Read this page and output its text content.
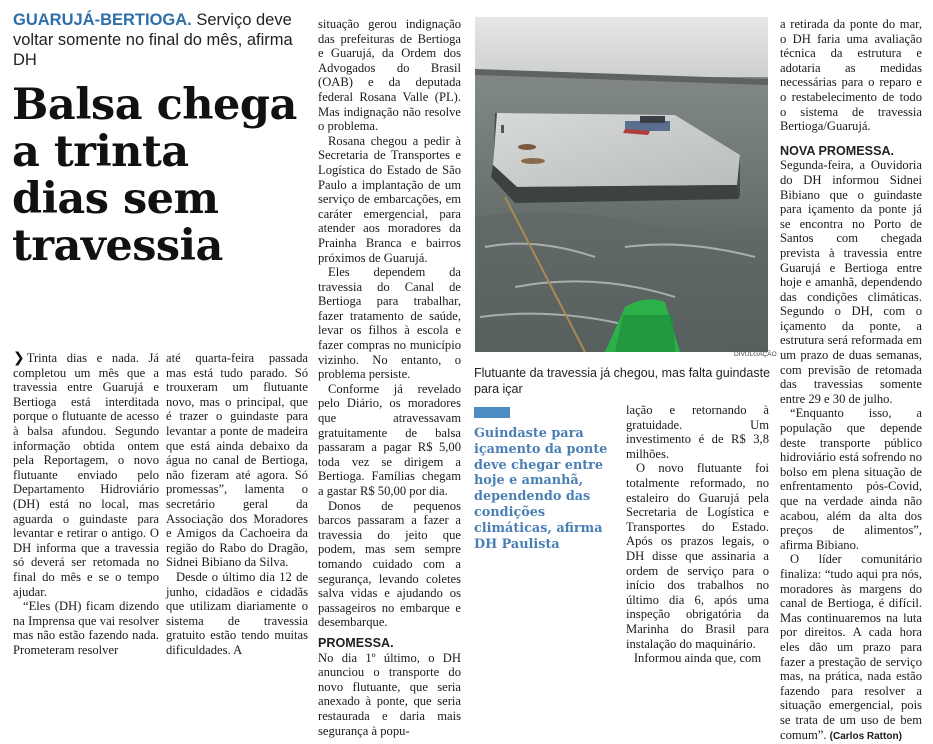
GUARUJÁ-BERTIOGA. Serviço deve voltar somente no final do mês, afirma DH
Balsa chega
a trinta
dias sem
travessia

❯ Trinta dias e nada. Já completou um mês que a travessia entre Guarujá e Bertioga está interditada porque o flutuante de acesso à balsa afundou. Segundo informação obtida ontem pela Reportagem, o novo flutuante enviado pelo Departamento Hidroviário (DH) está no local, mas aguarda o guindaste para levantar e retirar o antigo. O DH informa que a travessia só deverá ser retomada no final do mês e se o tempo ajudar.

“Eles (DH) ficam dizendo na Imprensa que vai resolver mas não estão fazendo nada. Prometeram resolver

até quarta-feira passada mas está tudo parado. Só trouxeram um flutuante novo, mas o principal, que é trazer o guindaste para levantar a ponte de madeira que está ainda debaixo da água no canal de Bertioga, não fizeram até agora. Só promessas”, lamenta o secretário geral da Associação dos Moradores e Amigos da Cachoeira da região do Rabo do Dragão, Sidnei Bibiano da Silva.

Desde o último dia 12 de junho, cidadãos e cidadãs que utilizam diariamente o sistema de travessia gratuito estão tendo muitas dificuldades. A

situação gerou indignação das prefeituras de Bertioga e Guarujá, da Ordem dos Advogados do Brasil (OAB) e da deputada federal Rosana Valle (PL). Mas indignação não resolve o problema.

Rosana chegou a pedir à Secretaria de Transportes e Logística do Estado de São Paulo a implantação de um serviço de embarcações, em caráter emergencial, para atender aos moradores da Prainha Branca e bairros próximos de Guarujá.

Eles dependem da travessia do Canal de Bertioga para trabalhar, fazer tratamento de saúde, levar os filhos à escola e fazer compras no município vizinho. No entanto, o problema persiste.

Conforme já revelado pelo Diário, os moradores que atravessavam gratuitamente de balsa passaram a pagar R$ 5,00 toda vez se dirigem a Bertioga. Famílias chegam a gastar R$ 50,00 por dia.

Donos de pequenos barcos passaram a fazer a travessia do jeito que podem, mas sem sempre tomando cuidado com a segurança, levando coletes salva vidas e ajudando os passageiros no embarque e desembarque.

PROMESSA.

No dia 1º último, o DH anunciou o transporte do novo flutuante, que seria anexado à ponte, que seria restaurada e daria mais segurança à popu-

DIVULGAÇÃO
Flutuante da travessia já chegou, mas falta guindaste para içar
Guindaste para içamento da ponte deve chegar entre hoje e amanhã, dependendo das condições climáticas, afirma DH Paulista

lação e retornando à gratuidade. Um investimento é de R$ 3,8 milhões.

O novo flutuante foi totalmente reformado, no estaleiro do Guarujá pela Secretaria de Logística e Transportes do Estado. Após os prazos legais, o DH disse que assinaria a ordem de serviço para o início dos trabalhos no último dia 6, após uma inspeção obrigatória da Marinha do Brasil para instalação do maquinário.

Informou ainda que, com

a retirada da ponte do mar, o DH faria uma avaliação técnica da estrutura e adotaria as medidas necessárias para o reparo e o restabelecimento de todo o sistema de travessia Bertioga/Guarujá.

NOVA PROMESSA.

Segunda-feira, a Ouvidoria do DH informou Sidnei Bibiano que o guindaste para içamento da ponte já se encontra no Porto de Santos com chegada prevista à travessia entre Guarujá e Bertioga entre hoje e amanhã, dependendo das condições climáticas. Segundo o DH, com o içamento da ponte, a estrutura será reformada em um prazo de duas semanas, com previsão de retomada das travessias somente entre 29 e 30 de julho.

“Enquanto isso, a população que depende deste transporte público hidroviário está sofrendo no bolso em plena situação de enfrentamento pós-Covid, que na verdade ainda não acabou, além da alta dos preços de alimentos”, afirma Bibiano.

O líder comunitário finaliza: “tudo aqui pra nós, moradores às margens do canal de Bertioga, é difícil. Mas continuaremos na luta por direitos. A cada hora eles dão um prazo para fazer a prestação de serviço mas, na prática, nada estão fazendo para resolver a situação emergencial, pois se trata de um uso de bem comum”. (Carlos Ratton)
